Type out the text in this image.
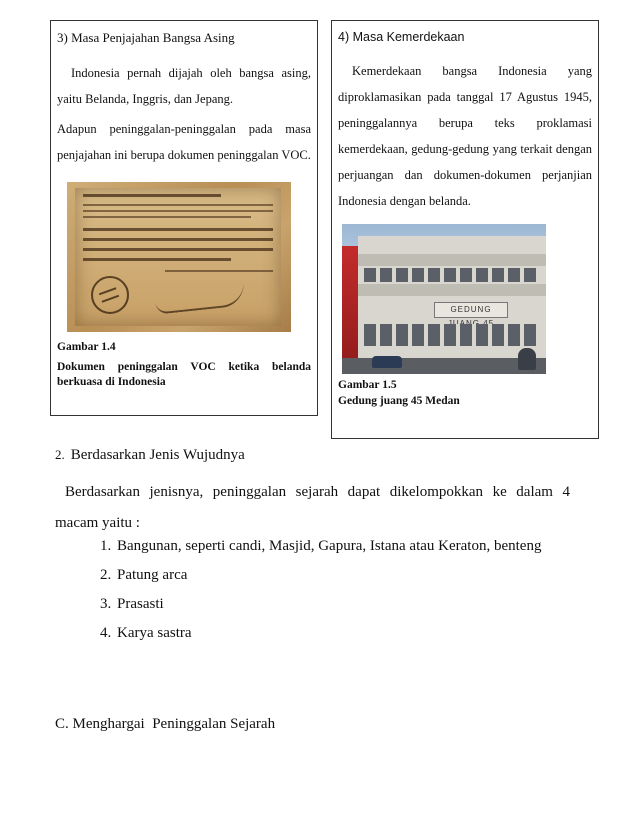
3) Masa Penjajahan Bangsa Asing

Indonesia pernah dijajah oleh bangsa asing, yaitu Belanda, Inggris, dan Jepang.

Adapun peninggalan-peninggalan pada masa penjajahan ini berupa dokumen peninggalan VOC.

Gambar 1.4

Dokumen peninggalan VOC ketika belanda berkuasa di Indonesia

4) Masa Kemerdekaan

Kemerdekaan bangsa Indonesia yang diproklamasikan pada tanggal 17 Agustus 1945, peninggalannya berupa teks proklamasi kemerdekaan, gedung-gedung yang terkait dengan perjuangan dan dokumen-dokumen perjanjian Indonesia dengan belanda.

GEDUNG

Gambar 1.5

Gedung juang 45 Medan

2. Berdasarkan Jenis Wujudnya
Berdasarkan jenisnya, peninggalan sejarah dapat dikelompokkan ke dalam 4 macam yaitu :
1. Bangunan, seperti candi, Masjid, Gapura, Istana atau Keraton, benteng
2. Patung arca
3. Prasasti
4. Karya sastra
C. Menghargai  Peninggalan Sejarah
